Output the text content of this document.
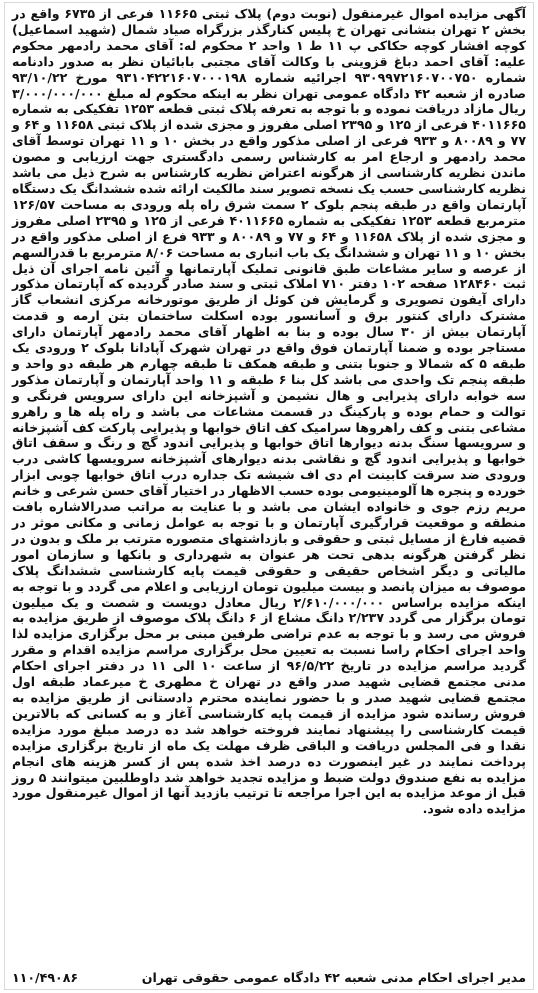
آگهی مزایده اموال غیرمنقول (نوبت دوم) پلاک ثبتی ۱۱۶۶۵ فرعی از ۶۷۳۵ واقع در بخش ۲ تهران بنشانی تهران خ پلیس کنارگذر بزرگراه صیاد شمال (شهید اسماعیل) کوچه افشار کوچه حکاکی پ ۱۱ ط ۱ واحد ۲ محکوم له: آقای محمد رادمهر محکوم علیه: آقای احمد دباغ قزوینی با وکالت آقای مجتبی بابائیان نظر به صدور دادنامه شماره ۹۳۰۹۹۷۲۱۶۰۷۰۰۷۵۰ اجرائیه شماره ۹۳۱۰۴۲۲۱۶۰۷۰۰۰۱۹۸ مورخ ۹۳/۱۰/۲۲ صادره از شعبه ۴۲ دادگاه عمومی تهران نظر به اینکه محکوم له مبلغ ۳/۰۰۰/۰۰۰/۰۰۰ ریال مازاد دریافت نموده و با توجه به تعرفه پلاک ثبتی قطعه ۱۲۵۳ تفکیکی به شماره ۴۰۱۱۶۶۵ فرعی از ۱۲۵ و ۲۳۹۵ اصلی مفروز و مجزی شده از پلاک ثبتی ۱۱۶۵۸ و ۶۴ و ۷۷ و ۸۰۰۸۹ و ۹۳۳ فرعی از اصلی مذکور واقع در بخش ۱۰ و ۱۱ تهران توسط آقای محمد رادمهر و ارجاع امر به کارشناس رسمی دادگستری جهت ارزیابی و مصون ماندن نظریه کارشناسی از هرگونه اعتراض نظریه کارشناس به شرح ذیل می باشد نظریه کارشناسی حسب یک نسخه تصویر سند مالکیت ارائه شده ششدانگ یک دستگاه آپارتمان واقع در طبقه پنجم بلوک ۲ سمت شرق راه پله ورودی به مساحت ۱۲۶/۵۷ مترمربع قطعه ۱۲۵۳ تفکیکی به شماره ۴۰۱۱۶۶۵ فرعی از ۱۲۵ و ۲۳۹۵ اصلی مفروز و مجزی شده از پلاک ۱۱۶۵۸ و ۶۴ و ۷۷ و ۸۰۰۸۹ و ۹۳۳ فرع از اصلی مذکور واقع در بخش ۱۰ و ۱۱ تهران و ششدانگ یک باب انباری به مساحت ۸/۰۶ مترمربع با قدرالسهم از عرصه و سایر مشاعات طبق قانونی تملیک آپارتمانها و آئین نامه اجرای آن ذیل ثبت ۱۲۸۴۶۰ صفحه ۱۰۲ دفتر ۷۱۰ املاک ثبتی و سند صادر گردیده که آپارتمان مذکور دارای آیفون تصویری و گرمایش فن کوئل از طریق موتورخانه مرکزی انشعاب گاز مشترک دارای کنتور برق و آسانسور بوده اسکلت ساختمان بتن ارمه و قدمت آپارتمان بیش از ۳۰ سال بوده و بنا به اظهار آقای محمد رادمهر آپارتمان دارای مستاجر بوده و ضمنا آپارتمان فوق واقع در تهران شهرک آپادانا بلوک ۲ ورودی یک طبقه ۵ که شمالا و جنوبا بتنی و طبقه همکف تا طبقه چهارم هر طبقه دو واحد و طبقه پنجم تک واحدی می باشد کل بنا ۶ طبقه و ۱۱ واحد آپارتمان و آپارتمان مذکور سه خوابه دارای پذیرایی و هال نشیمن و آشپزخانه این دارای سرویس فرنگی و توالت و حمام بوده و پارکینگ در قسمت مشاعات می باشد و راه پله ها و راهرو مشاعی بتنی و کف راهروها سرامیک کف اتاق خوابها و پذیرایی پارکت کف آشپزخانه و سرویسها سنگ بدنه دیوارها اتاق خوابها و پذیرایی اندود گچ و رنگ و سقف اتاق خوابها و پذیرایی اندود گچ و نقاشی بدنه دیوارهای آشپزخانه سرویسها کاشی درب ورودی ضد سرقت کابینت ام دی اف شیشه تک جداره درب اتاق خوابها چوبی ابزار خورده و پنجره ها آلومینیومی بوده حسب الاظهار در اختیار آقای حسن شرعی و خانم مریم رزم جوی و خانواده ایشان می باشد و با عنایت به مراتب صدرالاشاره بافت منطقه و موقعیت قرارگیری آپارتمان و با توجه به عوامل زمانی و مکانی موثر در قضیه فارغ از مسایل ثبتی و حقوقی و بازداشتهای متصوره مترتب بر ملک و بدون در نظر گرفتن هرگونه بدهی تحت هر عنوان به شهرداری و بانکها و سازمان امور مالیاتی و دیگر اشخاص حقیقی و حقوقی قیمت پایه کارشناسی ششدانگ پلاک موصوف به میزان پانصد و بیست میلیون تومان ارزیابی و اعلام می گردد و با توجه به اینکه مزایده براساس ۲/۶۱۰/۰۰۰/۰۰۰ ریال معادل دویست و شصت و یک میلیون تومان برگزار می گردد ۲/۲۳۷ دانگ مشاع از ۶ دانگ پلاک موصوف از طریق مزایده به فروش می رسد و با توجه به عدم تراضی طرفین مبنی بر محل برگزاری مزایده لذا واحد اجرای احکام راسا نسبت به تعیین محل برگزاری مراسم مزایده اقدام و مقرر گردید مراسم مزایده در تاریخ ۹۶/۵/۲۲ از ساعت ۱۰ الی ۱۱ در دفتر اجرای احکام مدنی مجتمع قضایی شهید صدر واقع در تهران خ مطهری خ میرعماد طبقه اول مجتمع قضایی شهید صدر و با حضور نماینده محترم دادستانی از طریق مزایده به فروش رسانده شود مزایده از قیمت پایه کارشناسی آغاز و به کسانی که بالاترین قیمت کارشناسی را پیشنهاد نمایند فروخته خواهد شد ده درصد مبلغ مورد مزایده نقدا و فی المجلس دریافت و الباقی ظرف مهلت یک ماه از تاریخ برگزاری مزایده پرداخت نمایند در غیر اینصورت ده درصد اخذ شده پس از کسر هزینه های انجام مزایده به نفع صندوق دولت ضبط و مزایده تجدید خواهد شد داوطلبین میتوانند ۵ روز قبل از موعد مزایده به این اجرا مراجعه تا ترتیب بازدید آنها از اموال غیرمنقول مورد مزایده داده شود.

مدیر اجرای احکام مدنی شعبه ۴۲ دادگاه عمومی حقوقی تهران
۱۱۰/۴۹۰۸۶
